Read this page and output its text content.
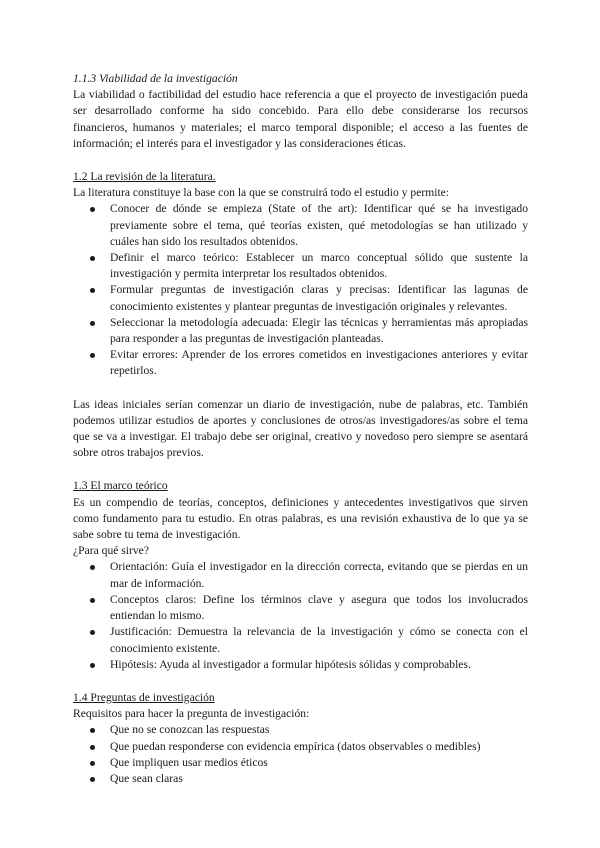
1.1.3 Viabilidad de la investigación

La viabilidad o factibilidad del estudio hace referencia a que el proyecto de investigación pueda ser desarrollado conforme ha sido concebido. Para ello debe considerarse los recursos financieros, humanos y materiales; el marco temporal disponible; el acceso a las fuentes de información; el interés para el investigador y las consideraciones éticas.

1.2 La revisión de la literatura.

La literatura constituye la base con la que se construirá todo el estudio y permite:

Conocer de dónde se empieza (State of the art): Identificar qué se ha investigado previamente sobre el tema, qué teorías existen, qué metodologías se han utilizado y cuáles han sido los resultados obtenidos.
Definir el marco teórico: Establecer un marco conceptual sólido que sustente la investigación y permita interpretar los resultados obtenidos.
Formular preguntas de investigación claras y precisas: Identificar las lagunas de conocimiento existentes y plantear preguntas de investigación originales y relevantes.
Seleccionar la metodología adecuada: Elegir las técnicas y herramientas más apropiadas para responder a las preguntas de investigación planteadas.
Evitar errores: Aprender de los errores cometidos en investigaciones anteriores y evitar repetirlos.

Las ideas iniciales serían comenzar un diario de investigación, nube de palabras, etc. También podemos utilizar estudios de aportes y conclusiones de otros/as investigadores/as sobre el tema que se va a investigar. El trabajo debe ser original, creativo y novedoso pero siempre se asentará sobre otros trabajos previos.

1.3 El marco teórico

Es un compendio de teorías, conceptos, definiciones y antecedentes investigativos que sirven como fundamento para tu estudio. En otras palabras, es una revisión exhaustiva de lo que ya se sabe sobre tu tema de investigación.

¿Para qué sirve?

Orientación: Guía el investigador en la dirección correcta, evitando que se pierdas en un mar de información.
Conceptos claros: Define los términos clave y asegura que todos los involucrados entiendan lo mismo.
Justificación: Demuestra la relevancia de la investigación y cómo se conecta con el conocimiento existente.
Hipótesis: Ayuda al investigador a formular hipótesis sólidas y comprobables.

1.4 Preguntas de investigación

Requisitos para hacer la pregunta de investigación:

Que no se conozcan las respuestas
Que puedan responderse con evidencia empírica (datos observables o medibles)
Que impliquen usar medios éticos
Que sean claras
